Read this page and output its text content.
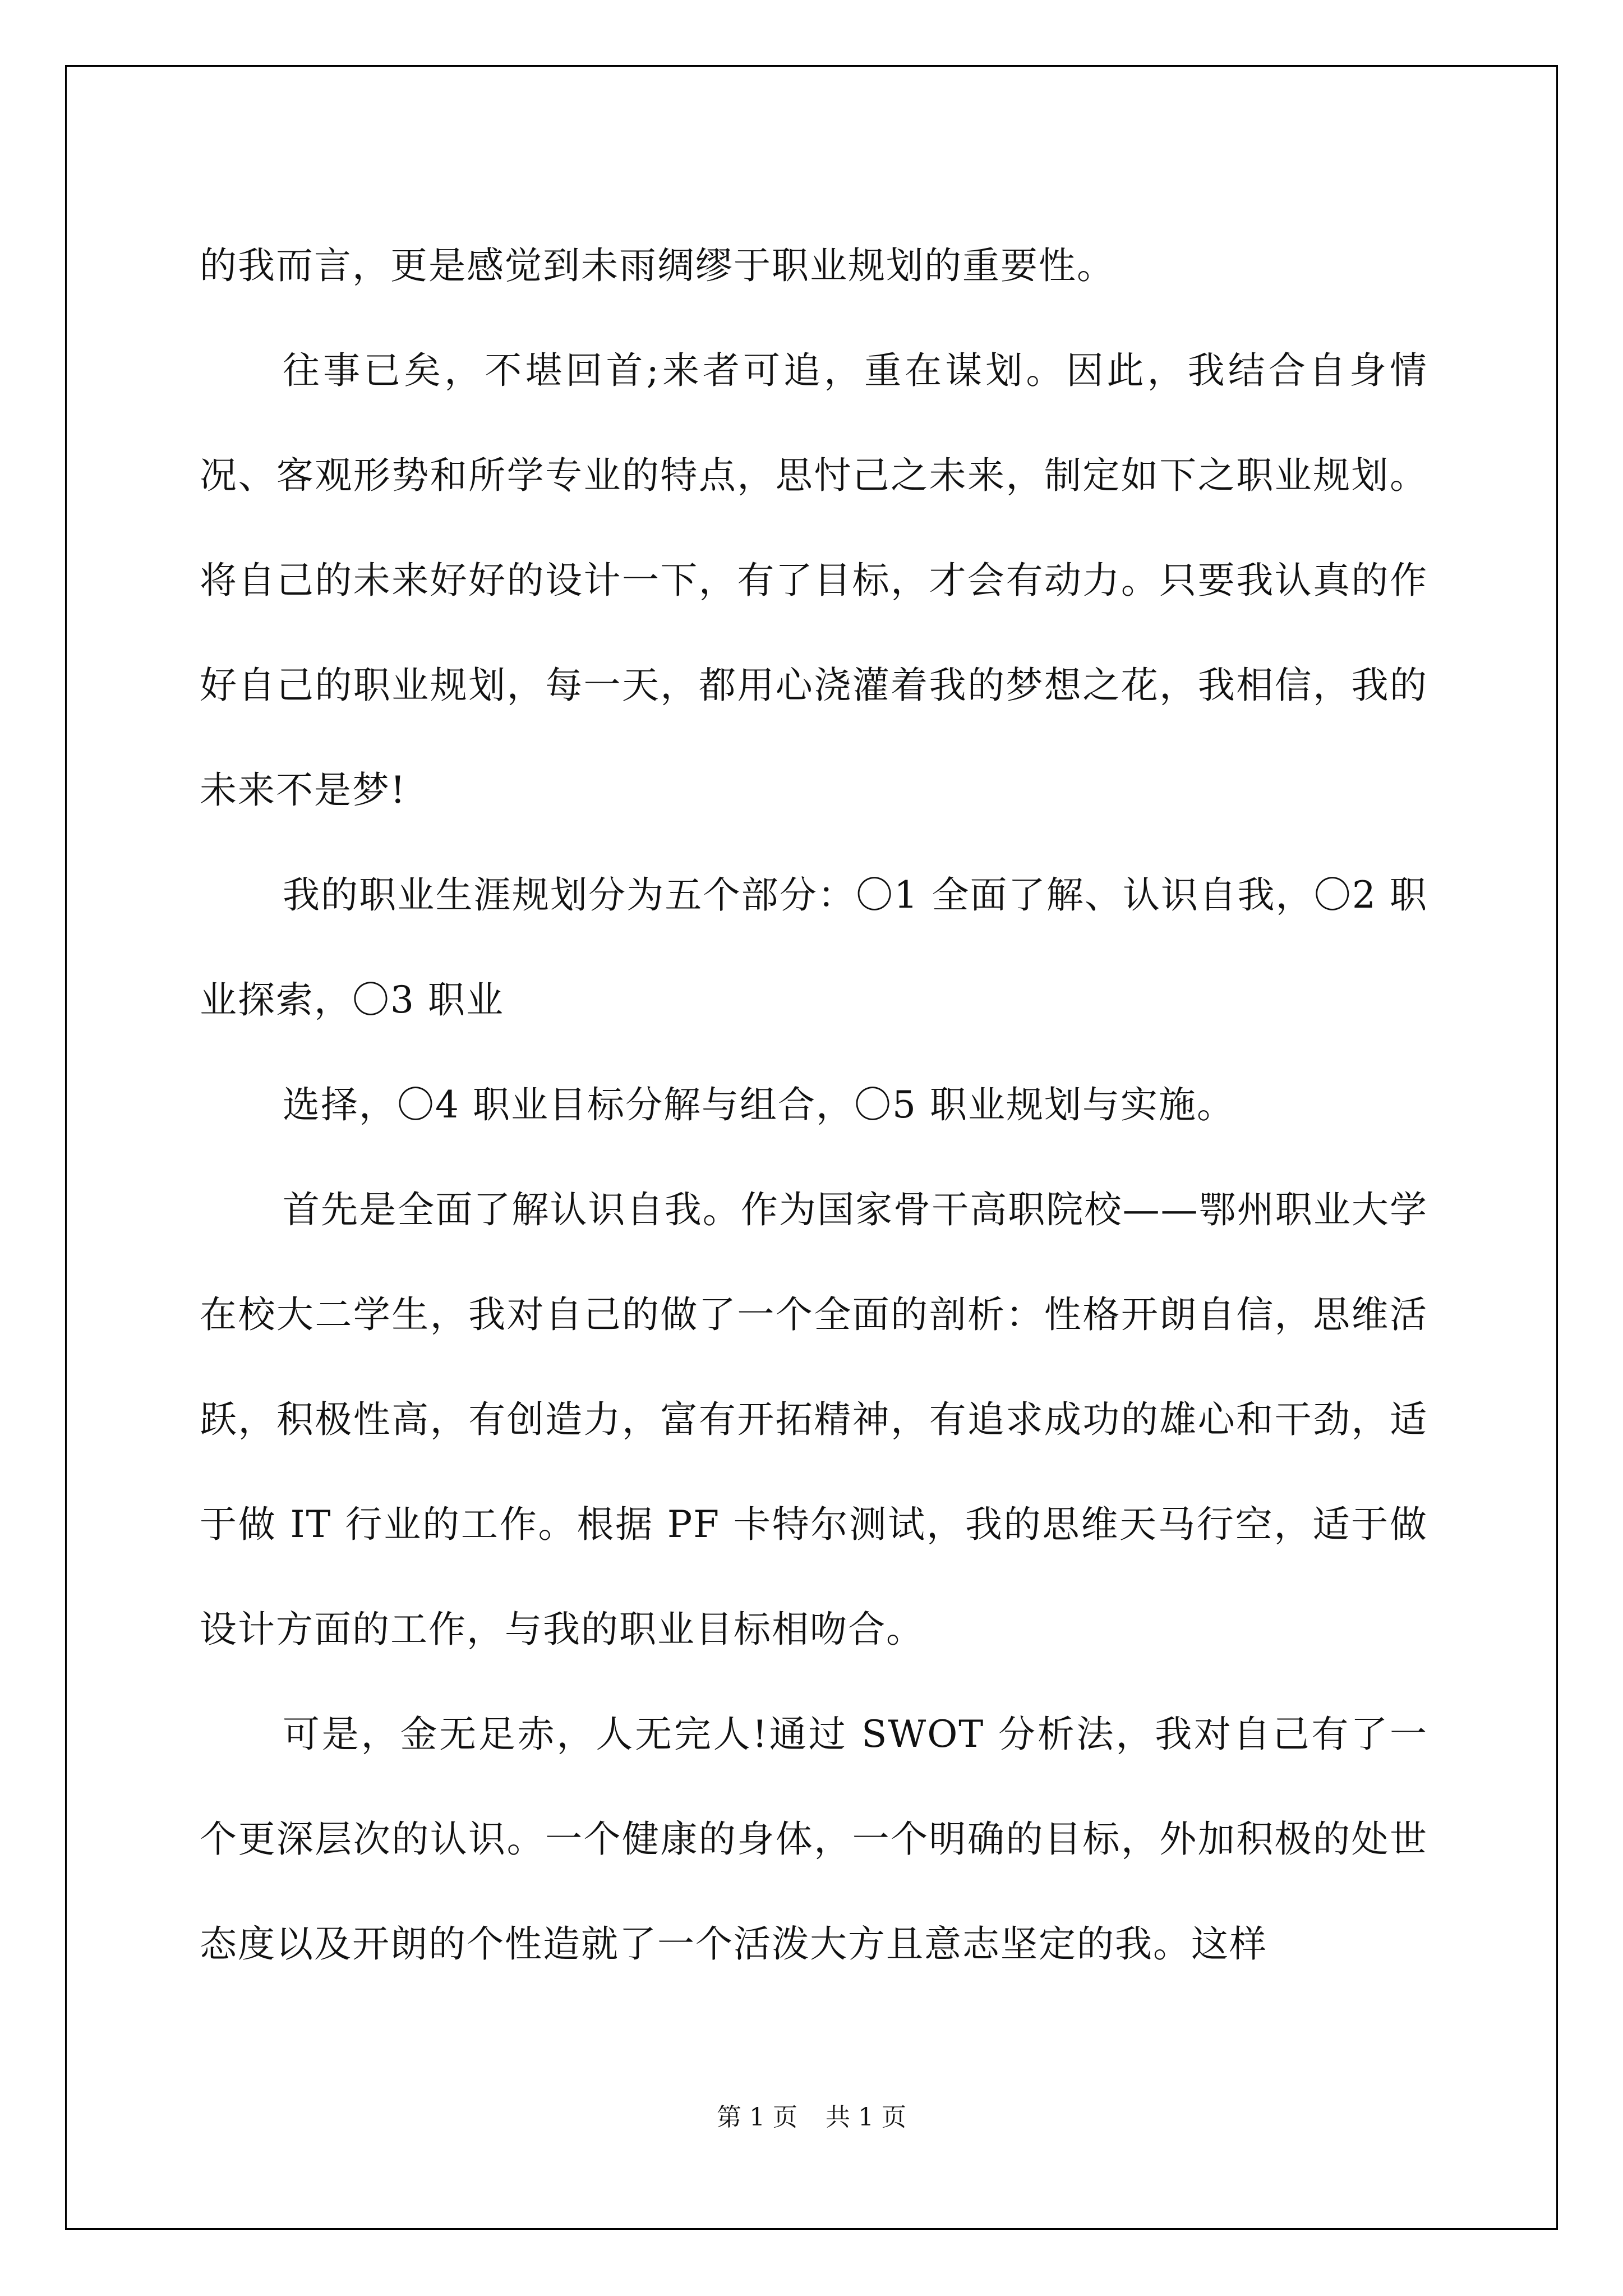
的我而言，更是感觉到未雨绸缪于职业规划的重要性。

往事已矣，不堪回首;来者可追，重在谋划。因此，我结合自身情况、客观形势和所学专业的特点，思忖己之未来，制定如下之职业规划。将自己的未来好好的设计一下，有了目标，才会有动力。只要我认真的作好自己的职业规划，每一天，都用心浇灌着我的梦想之花，我相信，我的未来不是梦!

我的职业生涯规划分为五个部分：〇1 全面了解、认识自我，〇2 职业探索，〇3 职业

选择，〇4 职业目标分解与组合，〇5 职业规划与实施。

首先是全面了解认识自我。作为国家骨干高职院校——鄂州职业大学在校大二学生，我对自己的做了一个全面的剖析：性格开朗自信，思维活跃，积极性高，有创造力，富有开拓精神，有追求成功的雄心和干劲，适于做 IT 行业的工作。根据 PF 卡特尔测试，我的思维天马行空，适于做设计方面的工作，与我的职业目标相吻合。

可是，金无足赤，人无完人!通过 SWOT 分析法，我对自己有了一个更深层次的认识。一个健康的身体，一个明确的目标，外加积极的处世态度以及开朗的个性造就了一个活泼大方且意志坚定的我。这样

第 1 页 共 1 页
